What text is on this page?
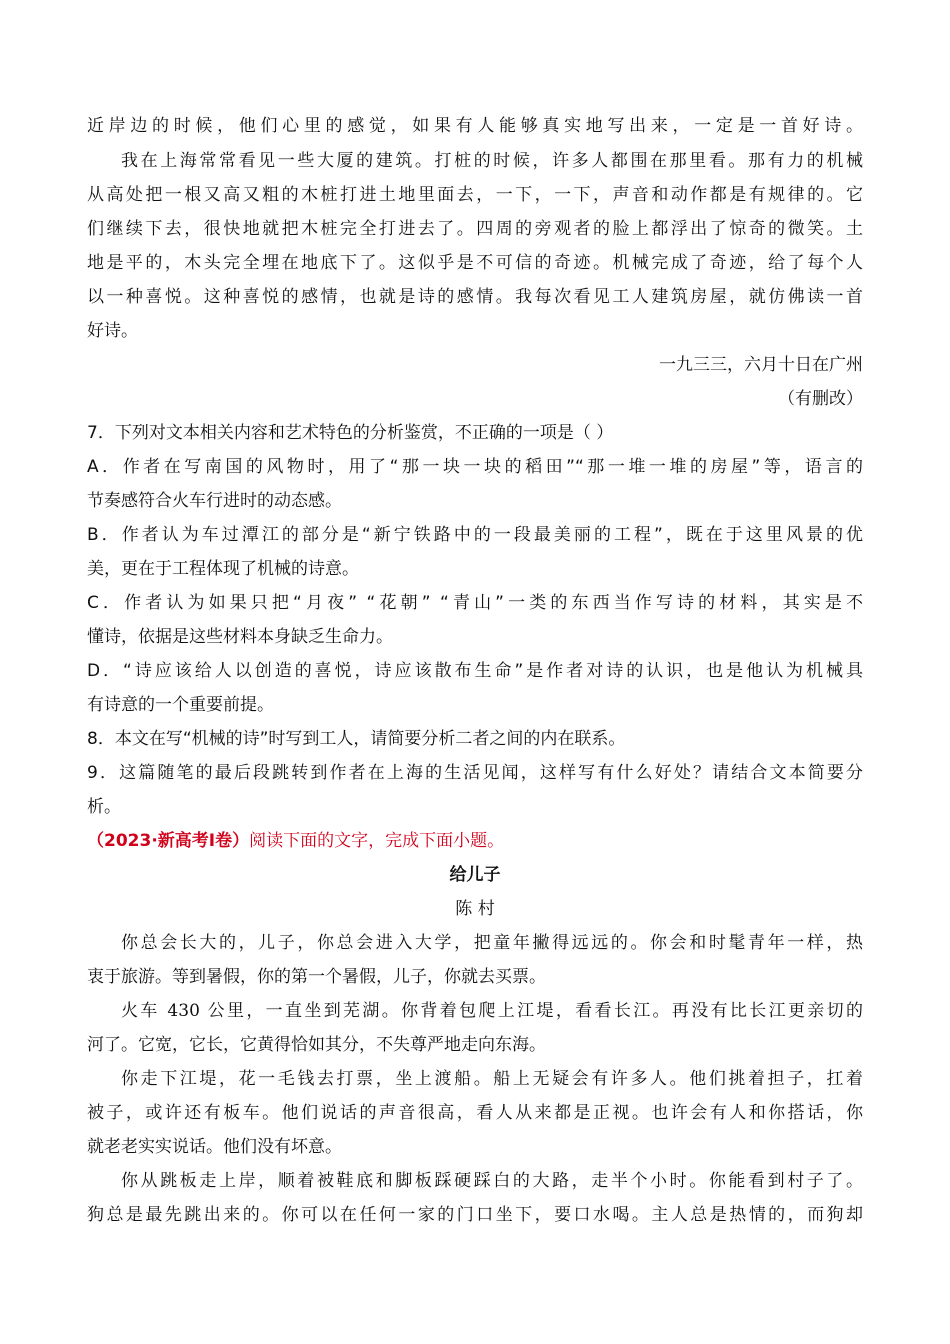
近岸边的时候，他们心里的感觉，如果有人能够真实地写出来，一定是一首好诗。
我在上海常常看见一些大厦的建筑。打桩的时候，许多人都围在那里看。那有力的机械
从高处把一根又高又粗的木桩打进土地里面去，一下，一下，声音和动作都是有规律的。它
们继续下去，很快地就把木桩完全打进去了。四周的旁观者的脸上都浮出了惊奇的微笑。土
地是平的，木头完全埋在地底下了。这似乎是不可信的奇迹。机械完成了奇迹，给了每个人
以一种喜悦。这种喜悦的感情，也就是诗的感情。我每次看见工人建筑房屋，就仿佛读一首
好诗。
一九三三，六月十日在广州
（有删改）
7．下列对文本相关内容和艺术特色的分析鉴赏，不正确的一项是（ ）
A．作者在写南国的风物时，用了“那一块一块的稻田”“那一堆一堆的房屋”等，语言的
节奏感符合火车行进时的动态感。
B．作者认为车过潭江的部分是“新宁铁路中的一段最美丽的工程”，既在于这里风景的优
美，更在于工程体现了机械的诗意。
C．作者认为如果只把“月夜” “花朝” “青山”一类的东西当作写诗的材料，其实是不
懂诗，依据是这些材料本身缺乏生命力。
D．“诗应该给人以创造的喜悦，诗应该散布生命”是作者对诗的认识，也是他认为机械具
有诗意的一个重要前提。
8．本文在写“机械的诗”时写到工人，请简要分析二者之间的内在联系。
9．这篇随笔的最后段跳转到作者在上海的生活见闻，这样写有什么好处？请结合文本简要分
析。
（2023·新高考Ⅰ卷）阅读下面的文字，完成下面小题。
给儿子
陈 村
你总会长大的，儿子，你总会进入大学，把童年撇得远远的。你会和时髦青年一样，热
衷于旅游。等到暑假，你的第一个暑假，儿子，你就去买票。
火车 430 公里，一直坐到芜湖。你背着包爬上江堤，看看长江。再没有比长江更亲切的
河了。它宽，它长，它黄得恰如其分，不失尊严地走向东海。
你走下江堤，花一毛钱去打票，坐上渡船。船上无疑会有许多人。他们挑着担子，扛着
被子，或许还有板车。他们说话的声音很高，看人从来都是正视。也许会有人和你搭话，你
就老老实实说话。他们没有坏意。
你从跳板走上岸，顺着被鞋底和脚板踩硬踩白的大路，走半个小时。你能看到村子了。
狗总是最先跳出来的。你可以在任何一家的门口坐下，要口水喝。主人总是热情的，而狗却
